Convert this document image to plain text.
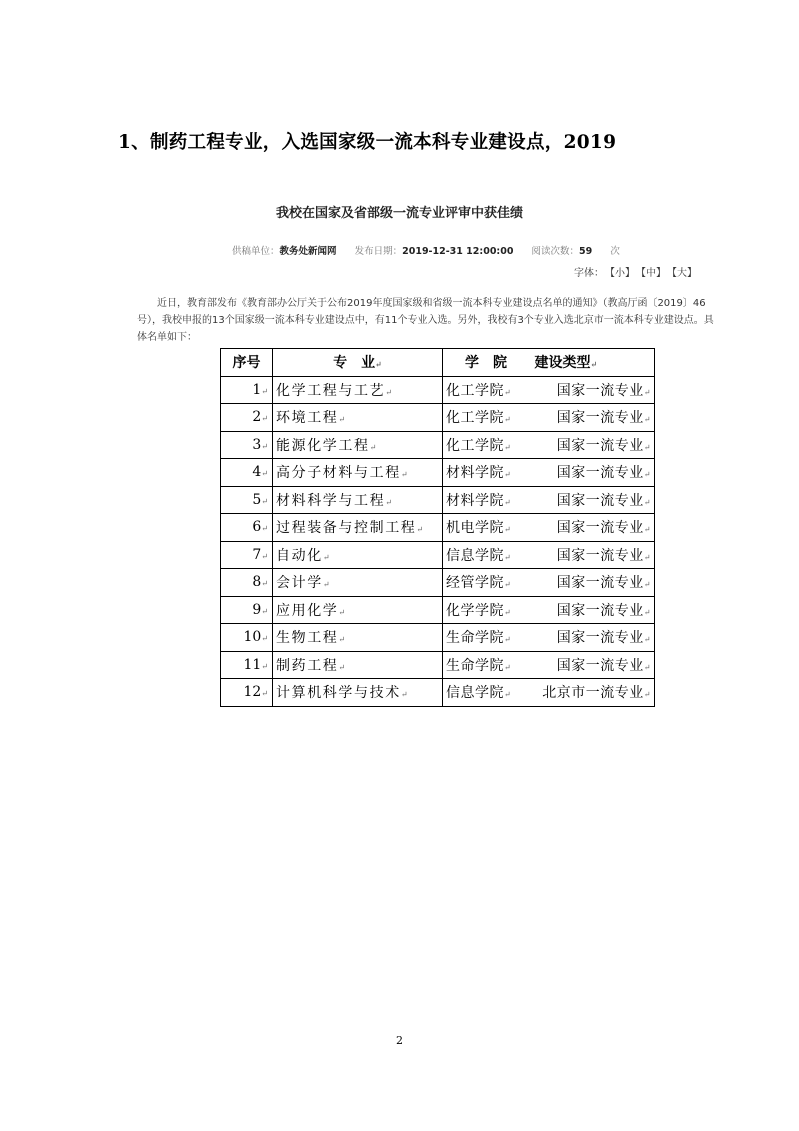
1、制药工程专业，入选国家级一流本科专业建设点，2019
我校在国家及省部级一流专业评审中获佳绩
供稿单位：教务处新闻网 发布日期：2019-12-31 12:00:00 阅读次数：59 次
字体： 【小】 【中】 【大】
近日，教育部发布《教育部办公厅关于公布2019年度国家级和省级一流本科专业建设点名单的通知》（教高厅函〔2019〕46号），我校申报的13个国家级一流本科专业建设点中，有11个专业入选。另外，我校有3个专业入选北京市一流本科专业建设点。具体名单如下：
序号	专　业↵	学　院	建设类型↵
1↵	化学工程与工艺↵	化工学院↵	国家一流专业↵
2↵	环境工程↵	化工学院↵	国家一流专业↵
3↵	能源化学工程↵	化工学院↵	国家一流专业↵
4↵	高分子材料与工程↵	材料学院↵	国家一流专业↵
5↵	材料科学与工程↵	材料学院↵	国家一流专业↵
6↵	过程装备与控制工程↵	机电学院↵	国家一流专业↵
7↵	自动化↵	信息学院↵	国家一流专业↵
8↵	会计学↵	经管学院↵	国家一流专业↵
9↵	应用化学↵	化学学院↵	国家一流专业↵
10↵	生物工程↵	生命学院↵	国家一流专业↵
11↵	制药工程↵	生命学院↵	国家一流专业↵
12↵	计算机科学与技术↵	信息学院↵	北京市一流专业↵
2
